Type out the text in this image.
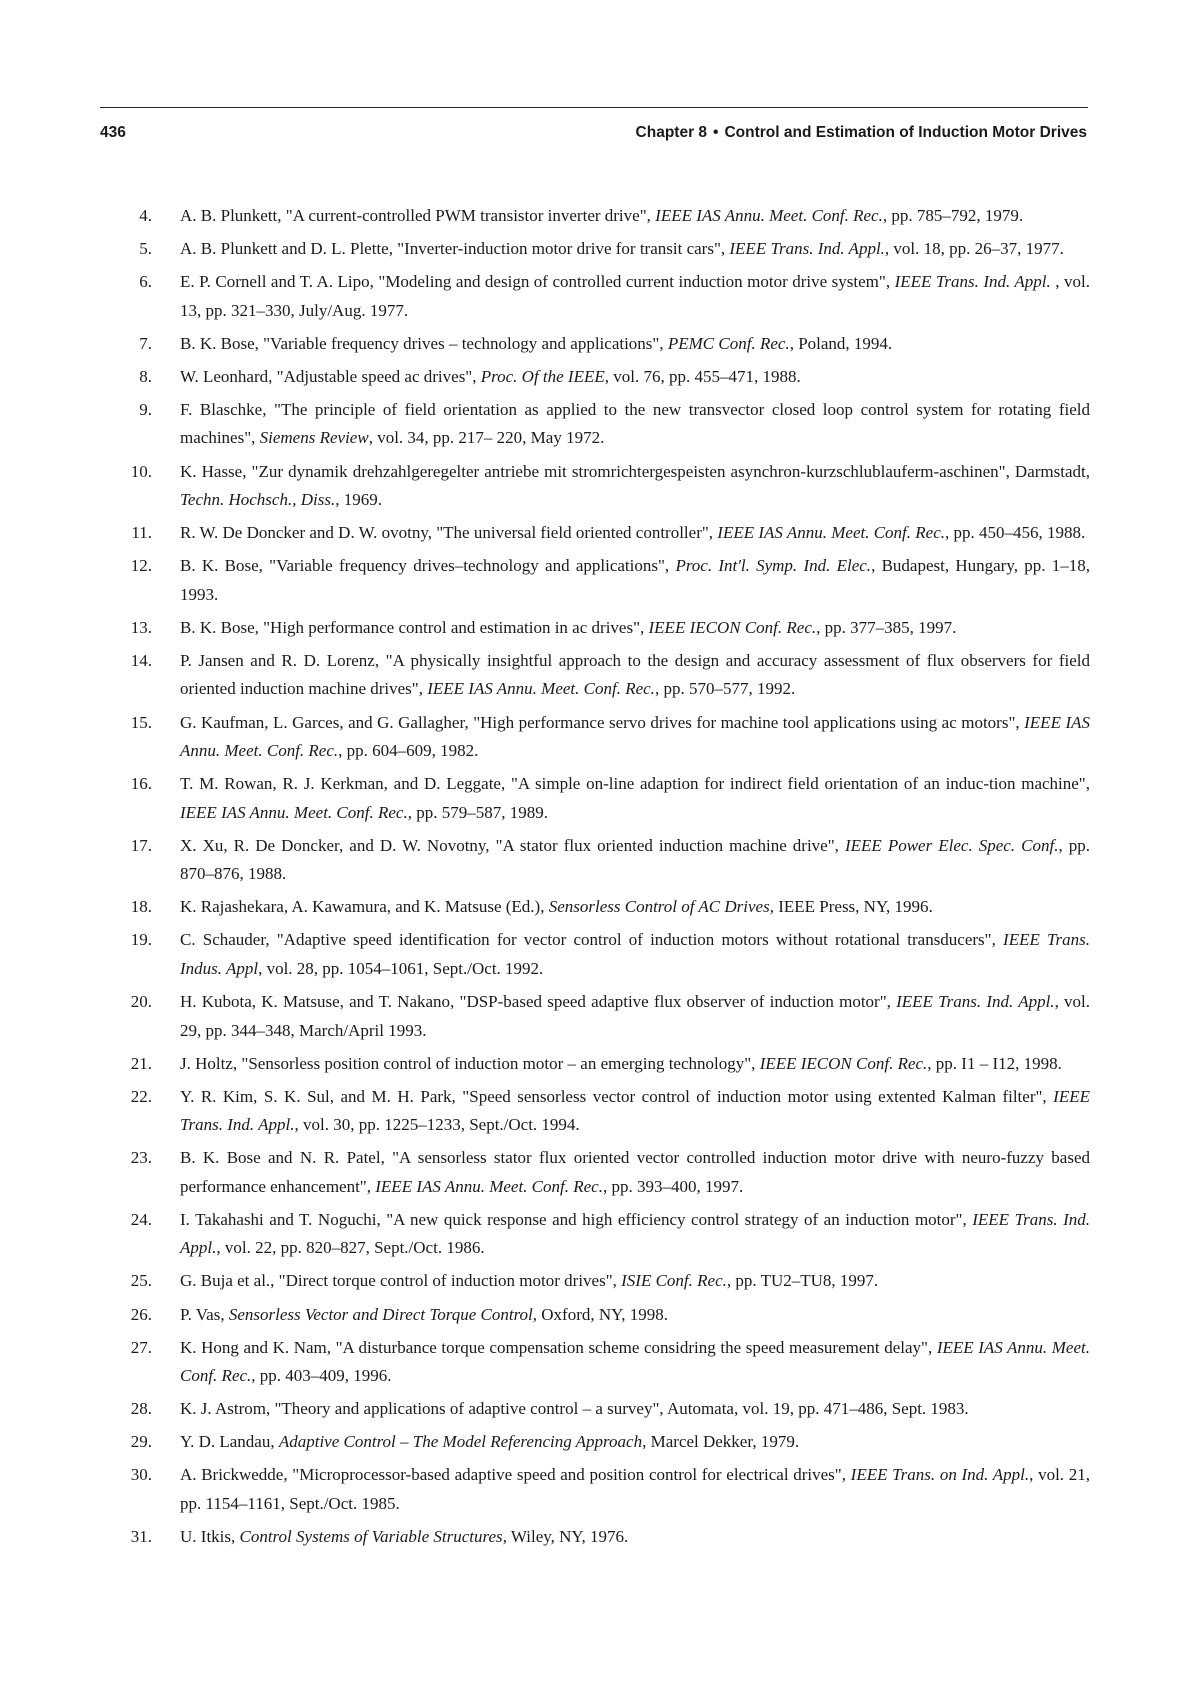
436	Chapter 8 • Control and Estimation of Induction Motor Drives
4. A. B. Plunkett, "A current-controlled PWM transistor inverter drive", IEEE IAS Annu. Meet. Conf. Rec., pp. 785–792, 1979.
5. A. B. Plunkett and D. L. Plette, "Inverter-induction motor drive for transit cars", IEEE Trans. Ind. Appl., vol. 18, pp. 26–37, 1977.
6. E. P. Cornell and T. A. Lipo, "Modeling and design of controlled current induction motor drive system", IEEE Trans. Ind. Appl. , vol. 13, pp. 321–330, July/Aug. 1977.
7. B. K. Bose, "Variable frequency drives – technology and applications", PEMC Conf. Rec., Poland, 1994.
8. W. Leonhard, "Adjustable speed ac drives", Proc. Of the IEEE, vol. 76, pp. 455–471, 1988.
9. F. Blaschke, "The principle of field orientation as applied to the new transvector closed loop control system for rotating field machines", Siemens Review, vol. 34, pp. 217– 220, May 1972.
10. K. Hasse, "Zur dynamik drehzahlgeregelter antriebe mit stromrichtergespeisten asynchron-kurzschlublauferm-aschinen", Darmstadt, Techn. Hochsch., Diss., 1969.
11. R. W. De Doncker and D. W. ovotny, "The universal field oriented controller", IEEE IAS Annu. Meet. Conf. Rec., pp. 450–456, 1988.
12. B. K. Bose, "Variable frequency drives–technology and applications", Proc. Int'l. Symp. Ind. Elec., Budapest, Hungary, pp. 1–18, 1993.
13. B. K. Bose, "High performance control and estimation in ac drives", IEEE IECON Conf. Rec., pp. 377–385, 1997.
14. P. Jansen and R. D. Lorenz, "A physically insightful approach to the design and accuracy assessment of flux observers for field oriented induction machine drives", IEEE IAS Annu. Meet. Conf. Rec., pp. 570–577, 1992.
15. G. Kaufman, L. Garces, and G. Gallagher, "High performance servo drives for machine tool applications using ac motors", IEEE IAS Annu. Meet. Conf. Rec., pp. 604–609, 1982.
16. T. M. Rowan, R. J. Kerkman, and D. Leggate, "A simple on-line adaption for indirect field orientation of an induc-tion machine", IEEE IAS Annu. Meet. Conf. Rec., pp. 579–587, 1989.
17. X. Xu, R. De Doncker, and D. W. Novotny, "A stator flux oriented induction machine drive", IEEE Power Elec. Spec. Conf., pp. 870–876, 1988.
18. K. Rajashekara, A. Kawamura, and K. Matsuse (Ed.), Sensorless Control of AC Drives, IEEE Press, NY, 1996.
19. C. Schauder, "Adaptive speed identification for vector control of induction motors without rotational transducers", IEEE Trans. Indus. Appl, vol. 28, pp. 1054–1061, Sept./Oct. 1992.
20. H. Kubota, K. Matsuse, and T. Nakano, "DSP-based speed adaptive flux observer of induction motor", IEEE Trans. Ind. Appl., vol. 29, pp. 344–348, March/April 1993.
21. J. Holtz, "Sensorless position control of induction motor – an emerging technology", IEEE IECON Conf. Rec., pp. I1 – I12, 1998.
22. Y. R. Kim, S. K. Sul, and M. H. Park, "Speed sensorless vector control of induction motor using extented Kalman filter", IEEE Trans. Ind. Appl., vol. 30, pp. 1225–1233, Sept./Oct. 1994.
23. B. K. Bose and N. R. Patel, "A sensorless stator flux oriented vector controlled induction motor drive with neuro-fuzzy based performance enhancement", IEEE IAS Annu. Meet. Conf. Rec., pp. 393–400, 1997.
24. I. Takahashi and T. Noguchi, "A new quick response and high efficiency control strategy of an induction motor", IEEE Trans. Ind. Appl., vol. 22, pp. 820–827, Sept./Oct. 1986.
25. G. Buja et al., "Direct torque control of induction motor drives", ISIE Conf. Rec., pp. TU2–TU8, 1997.
26. P. Vas, Sensorless Vector and Direct Torque Control, Oxford, NY, 1998.
27. K. Hong and K. Nam, "A disturbance torque compensation scheme considring the speed measurement delay", IEEE IAS Annu. Meet. Conf. Rec., pp. 403–409, 1996.
28. K. J. Astrom, "Theory and applications of adaptive control – a survey", Automata, vol. 19, pp. 471–486, Sept. 1983.
29. Y. D. Landau, Adaptive Control – The Model Referencing Approach, Marcel Dekker, 1979.
30. A. Brickwedde, "Microprocessor-based adaptive speed and position control for electrical drives", IEEE Trans. on Ind. Appl., vol. 21, pp. 1154–1161, Sept./Oct. 1985.
31. U. Itkis, Control Systems of Variable Structures, Wiley, NY, 1976.
